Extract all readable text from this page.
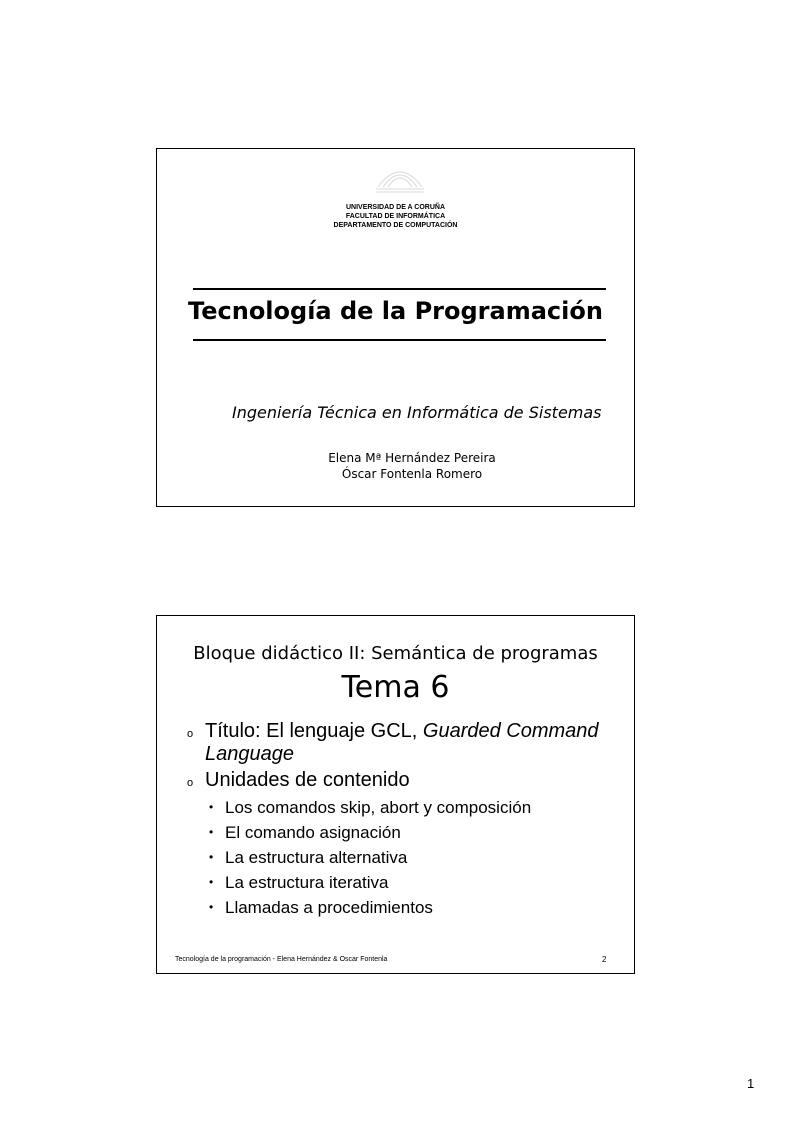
UNIVERSIDAD DE A CORUÑA
FACULTAD DE INFORMÁTICA
DEPARTAMENTO DE COMPUTACIÓN
Tecnología de la Programación
Ingeniería Técnica en Informática de Sistemas
Elena Mª Hernández Pereira
Óscar Fontenla Romero
Bloque didáctico II: Semántica de programas
Tema 6
o Título: El lenguaje GCL, Guarded Command Language
o Unidades de contenido
• Los comandos skip, abort y composición
• El comando asignación
• La estructura alternativa
• La estructura iterativa
• Llamadas a procedimientos
Tecnología de la programación - Elena Hernández & Oscar Fontenla	2
1
